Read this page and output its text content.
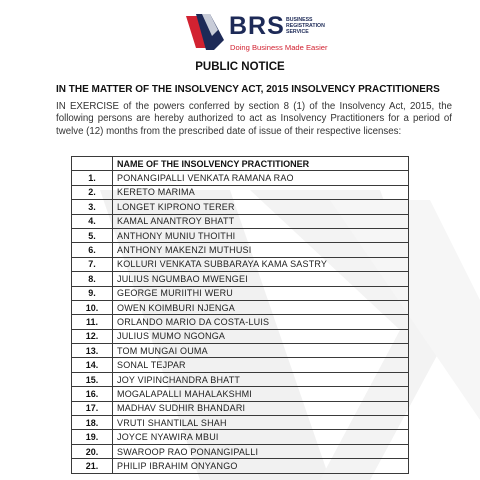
BRS BUSINESS
REGISTRATION
SERVICE
Doing Business Made Easier
PUBLIC NOTICE
IN THE MATTER OF THE INSOLVENCY ACT, 2015 INSOLVENCY PRACTITIONERS
IN EXERCISE of the powers conferred by section 8 (1) of the Insolvency Act, 2015, the following persons are hereby authorized to act as Insolvency Practitioners for a period of twelve (12) months from the prescribed date of issue of their respective licenses:
	NAME OF THE INSOLVENCY PRACTITIONER
1.	PONANGIPALLI VENKATA RAMANA RAO
2.	KERETO MARIMA
3.	LONGET KIPRONO TERER
4.	KAMAL ANANTROY BHATT
5.	ANTHONY MUNIU THOITHI
6.	ANTHONY MAKENZI MUTHUSI
7.	KOLLURI VENKATA SUBBARAYA KAMA SASTRY
8.	JULIUS NGUMBAO MWENGEI
9.	GEORGE MURIITHI WERU
10.	OWEN KOIMBURI NJENGA
11.	ORLANDO MARIO DA COSTA-LUIS
12.	JULIUS MUMO NGONGA
13.	TOM MUNGAI OUMA
14.	SONAL TEJPAR
15.	JOY VIPINCHANDRA BHATT
16.	MOGALAPALLI MAHALAKSHMI
17.	MADHAV SUDHIR BHANDARI
18.	VRUTI SHANTILAL SHAH
19.	JOYCE NYAWIRA MBUI
20.	SWAROOP RAO PONANGIPALLI
21.	PHILIP IBRAHIM ONYANGO
